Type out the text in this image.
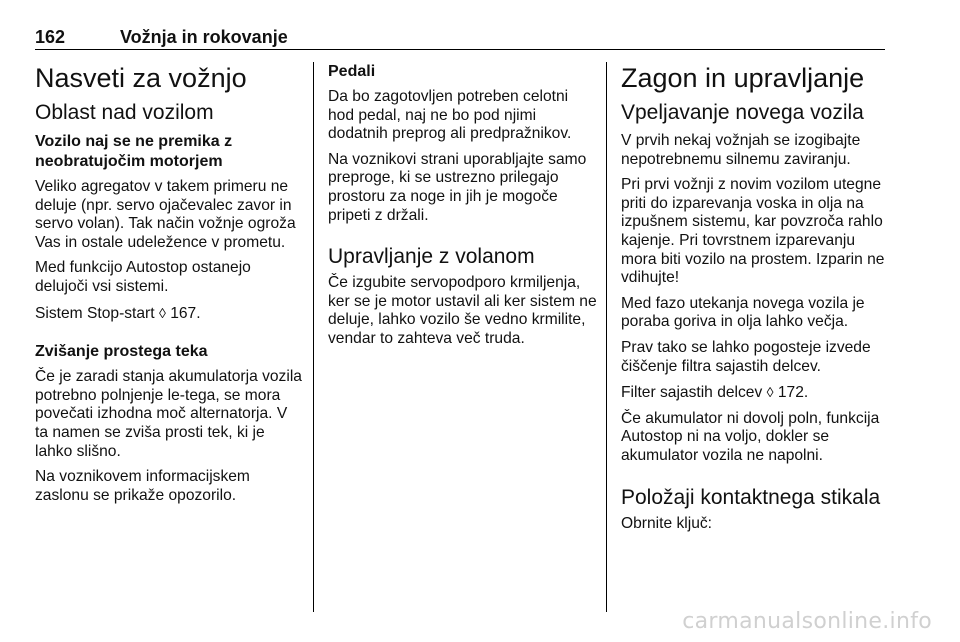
162	Vožnja in rokovanje
Nasveti za vožnjo
Oblast nad vozilom
Vozilo naj se ne premika z neobratujočim motorjem

Veliko agregatov v takem primeru ne deluje (npr. servo ojačevalec zavor in servo volan). Tak način vožnje ogroža Vas in ostale udeležence v prometu.

Med funkcijo Autostop ostanejo delujoči vsi sistemi.

Sistem Stop-start ◊ 167.

Zvišanje prostega teka

Če je zaradi stanja akumulatorja vozila potrebno polnjenje le-tega, se mora povečati izhodna moč alternatorja. V ta namen se zviša prosti tek, ki je lahko slišno.

Na voznikovem informacijskem zaslonu se prikaže opozorilo.

Pedali

Da bo zagotovljen potreben celotni hod pedal, naj ne bo pod njimi dodatnih preprog ali predpražnikov.

Na voznikovi strani uporabljajte samo preproge, ki se ustrezno prilegajo prostoru za noge in jih je mogoče pripeti z držali.

Upravljanje z volanom

Če izgubite servopodporo krmiljenja, ker se je motor ustavil ali ker sistem ne deluje, lahko vozilo še vedno krmilite, vendar to zahteva več truda.

Zagon in upravljanje
Vpeljavanje novega vozila

V prvih nekaj vožnjah se izogibajte nepotrebnemu silnemu zaviranju.

Pri prvi vožnji z novim vozilom utegne priti do izparevanja voska in olja na izpušnem sistemu, kar povzroča rahlo kajenje. Pri tovrstnem izparevanju mora biti vozilo na prostem. Izparin ne vdihujte!

Med fazo utekanja novega vozila je poraba goriva in olja lahko večja.

Prav tako se lahko pogosteje izvede čiščenje filtra sajastih delcev.

Filter sajastih delcev ◊ 172.

Če akumulator ni dovolj poln, funkcija Autostop ni na voljo, dokler se akumulator vozila ne napolni.

Položaji kontaktnega stikala

Obrnite ključ:

carmanualsonline.info
